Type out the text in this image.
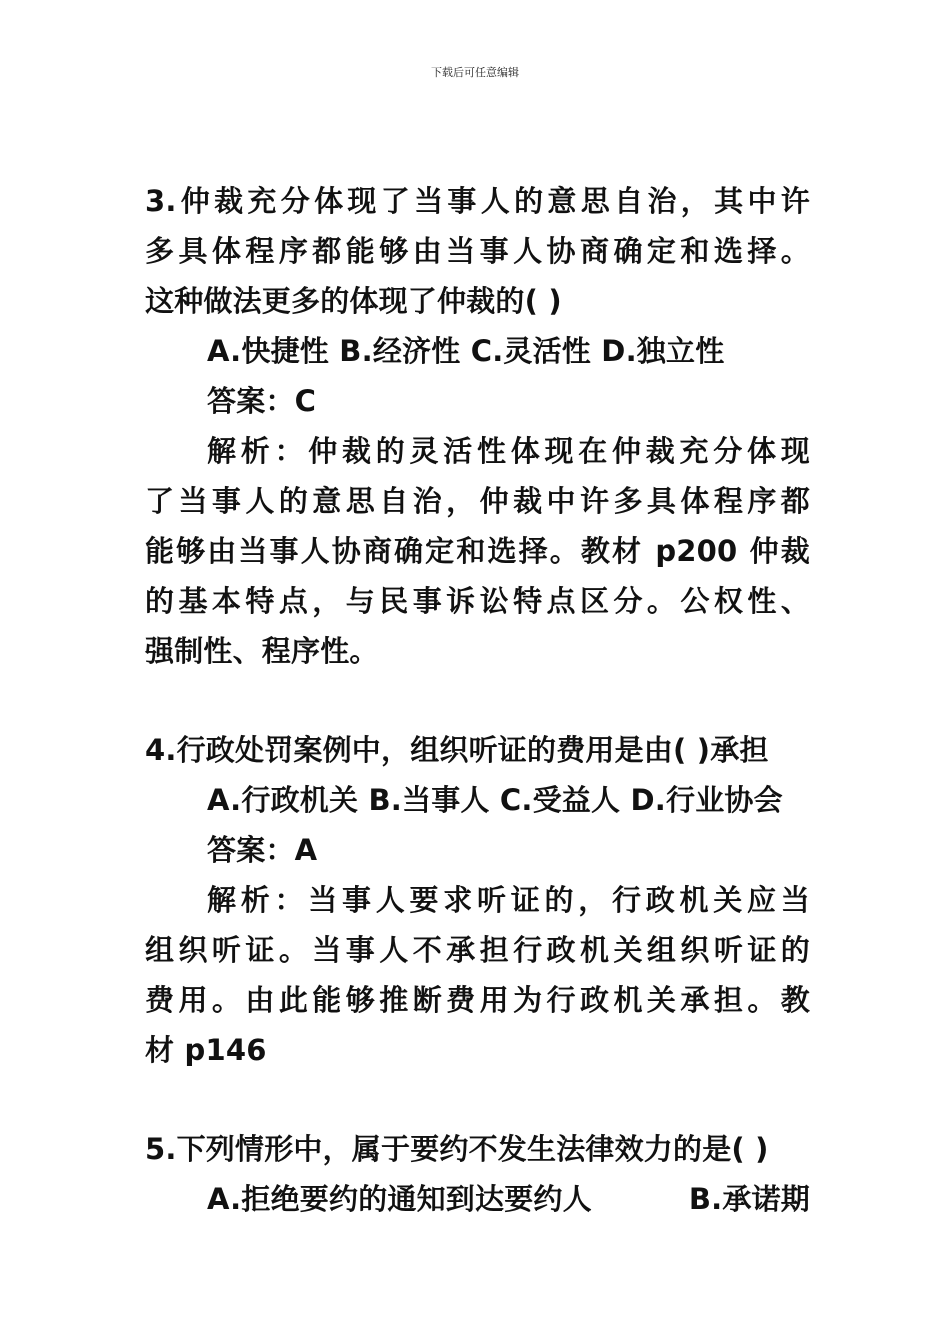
下载后可任意编辑
3.仲裁充分体现了当事人的意思自治，其中许
多具体程序都能够由当事人协商确定和选择。
这种做法更多的体现了仲裁的( )
A.快捷性 B.经济性 C.灵活性 D.独立性
答案：C
解析：仲裁的灵活性体现在仲裁充分体现
了当事人的意思自治，仲裁中许多具体程序都
能够由当事人协商确定和选择。教材 p200 仲裁
的基本特点，与民事诉讼特点区分。公权性、
强制性、程序性。
4.行政处罚案例中，组织听证的费用是由( )承担
A.行政机关 B.当事人 C.受益人 D.行业协会
答案：A
解析：当事人要求听证的，行政机关应当
组织听证。当事人不承担行政机关组织听证的
费用。由此能够推断费用为行政机关承担。教
材 p146
5.下列情形中，属于要约不发生法律效力的是( )
A.拒绝要约的通知到达要约人	B.承诺期
